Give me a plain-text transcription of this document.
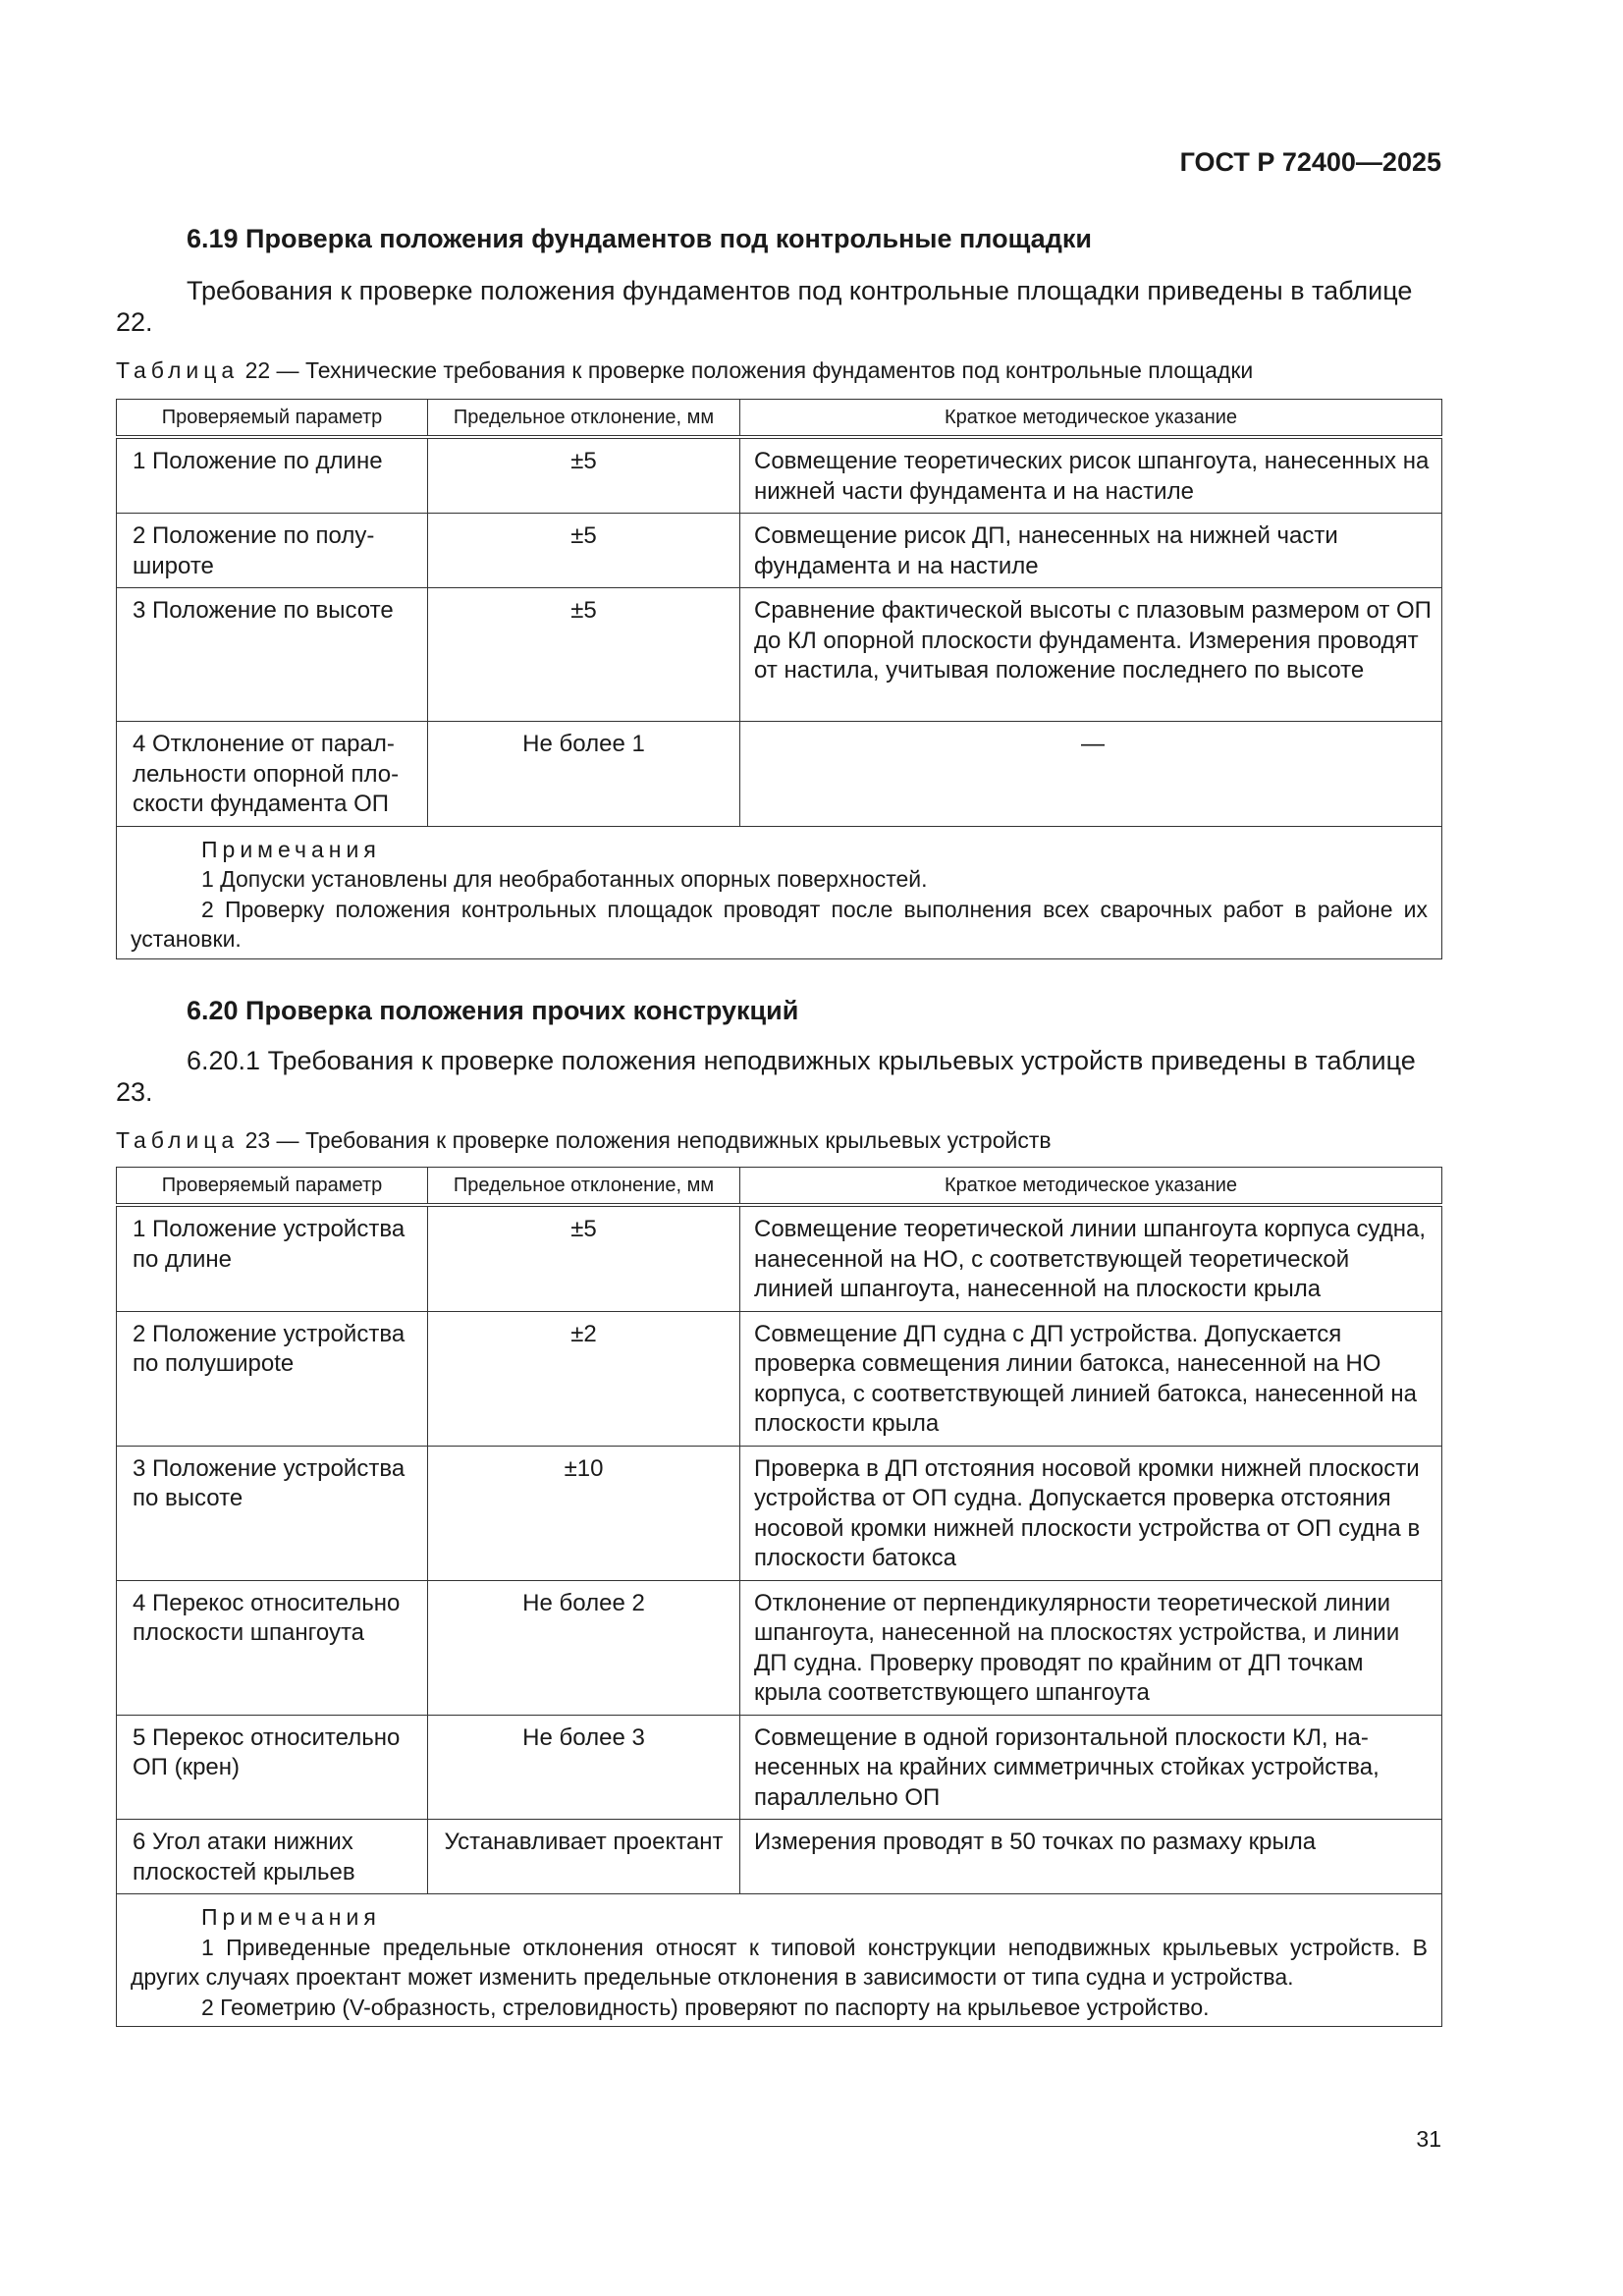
ГОСТ Р 72400—2025
6.19 Проверка положения фундаментов под контрольные площадки
Требования к проверке положения фундаментов под контрольные площадки приведены в таблице 22.
Таблица 22 — Технические требования к проверке положения фундаментов под контрольные площадки
Проверяемый параметр	Предельное отклонение, мм	Краткое методическое указание
1 Положение по длине	±5	Совмещение теоретических рисок шпангоута, нанесенных на нижней части фундамента и на настиле
2 Положение по полушироте	±5	Совмещение рисок ДП, нанесенных на нижней части фундамента и на настиле
3 Положение по высоте	±5	Сравнение фактической высоты с плазовым размером от ОП до КЛ опорной плоскости фундамента. Измерения проводят от настила, учитывая положение последнего по высоте
4 Отклонение от параллельности опорной плоскости фундамента ОП	Не более 1	—

Примечания
1 Допуски установлены для необработанных опорных поверхностей.
2 Проверку положения контрольных площадок проводят после выполнения всех сварочных работ в районе их установки.		
6.20 Проверка положения прочих конструкций
6.20.1 Требования к проверке положения неподвижных крыльевых устройств приведены в таблице 23.
Таблица 23 — Требования к проверке положения неподвижных крыльевых устройств
Проверяемый параметр	Предельное отклонение, мм	Краткое методическое указание
1 Положение устройства по длине	±5	Совмещение теоретической линии шпангоута корпуса судна, нанесенной на НО, с соответствующей теоретической линией шпангоута, нанесенной на плоскости крыла
2 Положение устройства по полуширote	±2	Совмещение ДП судна с ДП устройства. Допускается проверка совмещения линии батокса, нанесенной на НО корпуса, с соответствующей линией батокса, нанесенной на плоскости крыла
3 Положение устройства по высоте	±10	Проверка в ДП отстояния носовой кромки нижней плоскости устройства от ОП судна. Допускается проверка отстояния носовой кромки нижней плоскости устройства от ОП судна в плоскости батокса
4 Перекос относительно плоскости шпангоута	Не более 2	Отклонение от перпендикулярности теоретической линии шпангоута, нанесенной на плоскостях устройства, и линии ДП судна. Проверку проводят по крайним от ДП точкам крыла соответствующего шпангоута
5 Перекос относительно ОП (крен)	Не более 3	Совмещение в одной горизонтальной плоскости КЛ, нанесенных на крайних симметричных стойках устройства, параллельно ОП
6 Угол атаки нижних плоскостей крыльев	Устанавливает проектант	Измерения проводят в 50 точках по размаху крыла

Примечания
1 Приведенные предельные отклонения относят к типовой конструкции неподвижных крыльевых устройств. В других случаях проектант может изменить предельные отклонения в зависимости от типа судна и устройства.
2 Геометрию (V-образность, стреловидность) проверяют по паспорту на крыльевое устройство.		
31
